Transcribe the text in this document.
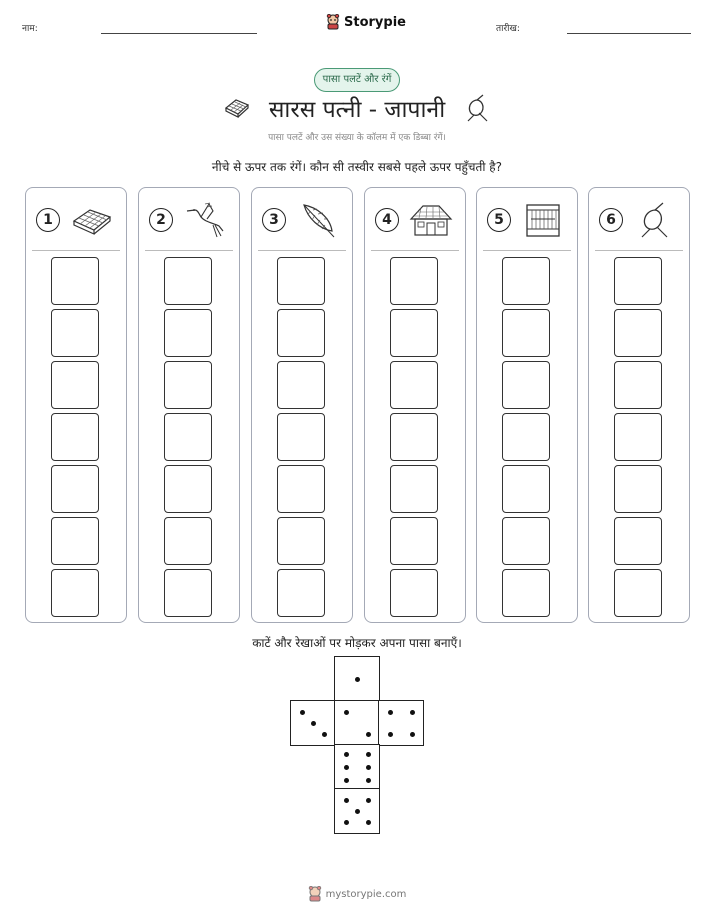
नाम:	Storypie	तारीख:
पासा पलटें और रंगें
सारस पत्नी - जापानी
पासा पलटें और उस संख्या के कॉलम में एक डिब्बा रंगें।
नीचे से ऊपर तक रंगें। कौन सी तस्वीर सबसे पहले ऊपर पहुँचती है?
1	2	3	4	5	6
काटें और रेखाओं पर मोड़कर अपना पासा बनाएँ।
mystorypie.com
